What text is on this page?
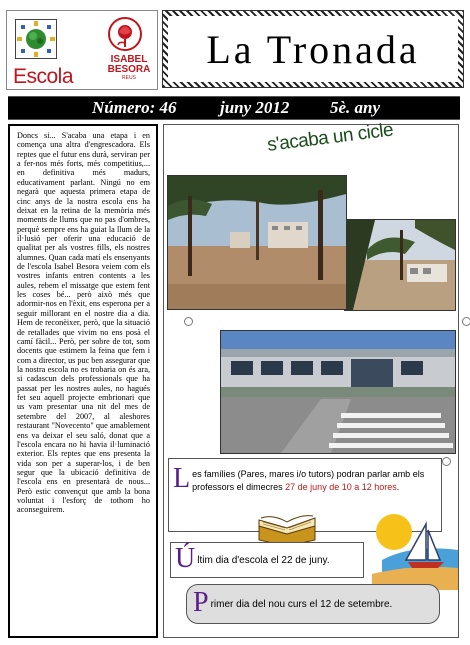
Escola
ISABEL
BESORA
REUS
La Tronada
Número: 46	juny 2012 5è. any
Doncs si... S'acaba una etapa i en comença una altra d'engrescadora. Els reptes que el futur ens durà, serviran per a fer-nos més forts, més competitius,... en definitiva més madurs, educativament parlant. Ningú no em negarà que aquesta primera etapa de cinc anys de la nostra escola ens ha deixat en la retina de la memòria més moments de llums que no pas d'ombres, perquè sempre ens ha guiat la llum de la il·lusió per oferir una educació de qualitat per als vostres fills, els nostres alumnes. Quan cada matí els ensenyants de l'escola Isabel Besora veiem com els vostres infants entren contents a les aules, rebem el missatge que estem fent les coses bé... però això més que adormir-nos en l'èxit, ens esperona per a seguir millorant en el nostre dia a dia. Hem de reconèixer, però, que la situació de retallades que vivim no ens posà el camí fàcil... Però, per sobre de tot, som docents que estimem la feina que fem i com a director, us puc ben assegurar que la nostra escola no es trobaria on és ara, si cadascun dels professionals que ha passat per les nostres aules, no hagués fet seu aquell projecte embrionari que us vam presentar una nit del mes de setembre del 2007, al aleshores restaurant "Novecento" que amablement ens va deixar el seu saló, donat que a l'escola encara no hi havia il·luminació exterior. Els reptes que ens presenta la vida son per a superar-los, i de ben segur que la ubicació definitiva de l'escola ens en presentarà de nous... Però estic convençut que amb la bona voluntat i l'esforç de tothom ho aconseguirem.
s'acaba un cicle
Les famílies (Pares, mares i/o tutors) podran parlar amb els professors el dimecres 27 de juny de 10 a 12 hores.
Últim dia d'escola el 22 de juny.
Primer dia del nou curs el 12 de setembre.
